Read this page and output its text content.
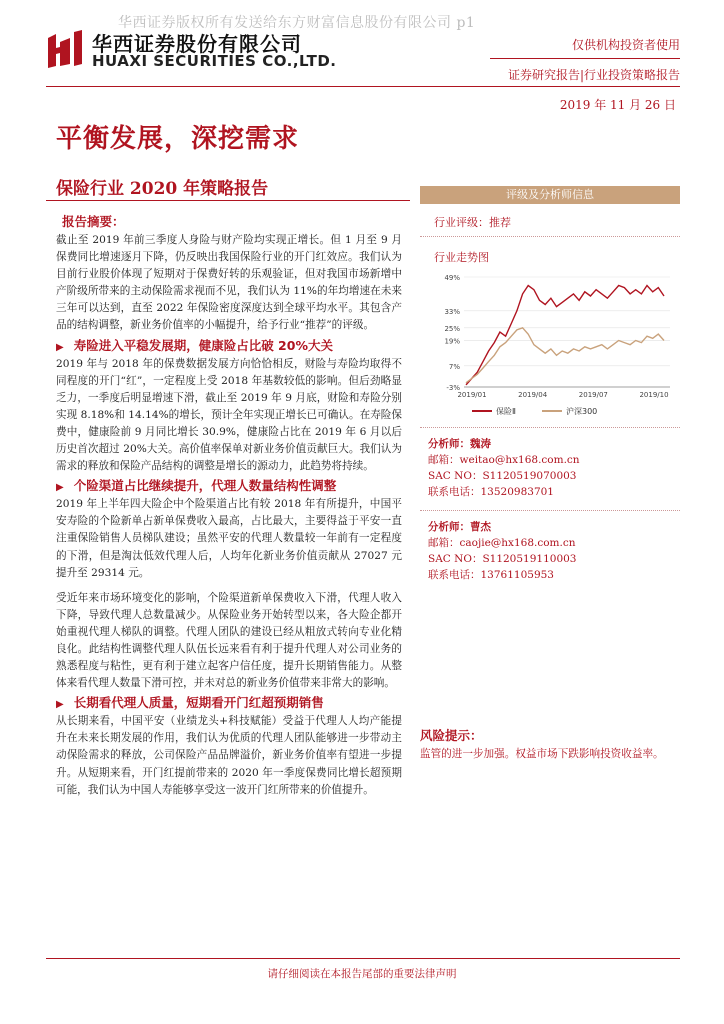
华西证券版权所有发送给东方财富信息股份有限公司 p1
华西证券股份有限公司
HUAXI SECURITIES CO.,LTD.
仅供机构投资者使用
证券研究报告|行业投资策略报告
2019 年 11 月 26 日
平衡发展，深挖需求
保险行业 2020 年策略报告
报告摘要：

截止至 2019 年前三季度人身险与财产险均实现正增长。但 1 月至 9 月保费同比增速逐月下降，仍反映出我国保险行业的开门红效应。我们认为目前行业股价体现了短期对于保费好转的乐观验证，但对我国市场新增中产阶级所带来的主动保险需求视而不见，我们认为 11%的年均增速在未来三年可以达到，直至 2022 年保险密度深度达到全球平均水平。其包含产品的结构调整，新业务价值率的小幅提升，给予行业“推荐”的评级。

▶ 寿险进入平稳发展期，健康险占比破 20%大关

2019 年与 2018 年的保费数据发展方向恰恰相反，财险与寿险均取得不同程度的开门“红”，一定程度上受 2018 年基数较低的影响。但后劲略显乏力，一季度后明显增速下滑，截止至 2019 年 9 月底，财险和寿险分别实现 8.18%和 14.14%的增长，预计全年实现正增长已可确认。在寿险保费中，健康险前 9 月同比增长 30.9%，健康险占比在 2019 年 6 月以后历史首次超过 20%大关。高价值率保单对新业务价值贡献巨大。我们认为需求的释放和保险产品结构的调整是增长的源动力，此趋势将持续。

▶ 个险渠道占比继续提升，代理人数量结构性调整

2019 年上半年四大险企中个险渠道占比有较 2018 年有所提升，中国平安寿险的个险新单占新单保费收入最高，占比最大，主要得益于平安一直注重保险销售人员梯队建设；虽然平安的代理人数量较一年前有一定程度的下滑，但是淘汰低效代理人后，人均年化新业务价值贡献从 27027 元提升至 29314 元。

受近年来市场环境变化的影响，个险渠道新单保费收入下滑，代理人收入下降，导致代理人总数量减少。从保险业务开始转型以来，各大险企都开始重视代理人梯队的调整。代理人团队的建设已经从粗放式转向专业化精良化。此结构性调整代理人队伍长远来看有利于提升代理人对公司业务的熟悉程度与粘性，更有利于建立起客户信任度，提升长期销售能力。从整体来看代理人数量下滑可控，并未对总的新业务价值带来非常大的影响。

▶ 长期看代理人质量，短期看开门红超预期销售

从长期来看，中国平安（业绩龙头+科技赋能）受益于代理人人均产能提升在未来长期发展的作用，我们认为优质的代理人团队能够进一步带动主动保险需求的释放，公司保险产品品牌溢价，新业务价值率有望进一步提升。从短期来看，开门红提前带来的 2020 年一季度保费同比增长超预期可能，我们认为中国人寿能够享受这一波开门红所带来的价值提升。

评级及分析师信息
行业评级：推荐
行业走势图
49%
33%
25%
19%
7%
-3%
2019/01	2019/04	2019/07	2019/10
保险Ⅱ	沪深300
分析师：魏涛
邮箱：weitao@hx168.com.cn
SAC NO：S1120519070003
联系电话：13520983701
分析师：曹杰
邮箱：caojie@hx168.com.cn
SAC NO：S1120519110003
联系电话：13761105953
风险提示：
监管的进一步加强。权益市场下跌影响投资收益率。
请仔细阅读在本报告尾部的重要法律声明
